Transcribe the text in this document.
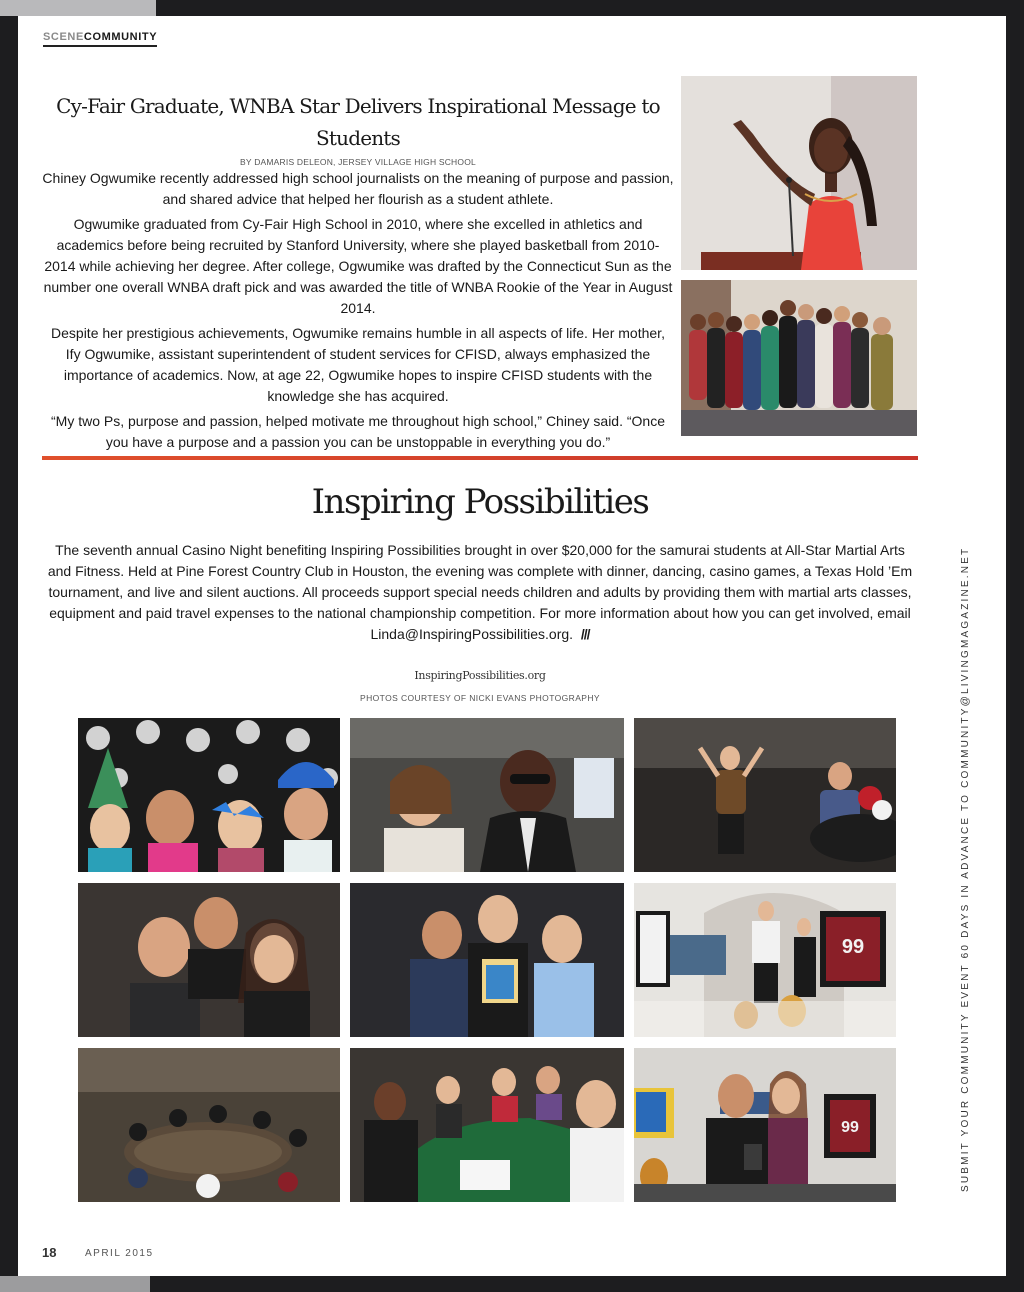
SCENECOMMUNITY
Cy-Fair Graduate, WNBA Star Delivers Inspirational Message to Students
BY DAMARIS DELEON, JERSEY VILLAGE HIGH SCHOOL

Chiney Ogwumike recently addressed high school journalists on the meaning of purpose and passion, and shared advice that helped her flourish as a student athlete.

Ogwumike graduated from Cy-Fair High School in 2010, where she excelled in athletics and academics before being recruited by Stanford University, where she played basketball from 2010-2014 while achieving her degree. After college, Ogwumike was drafted by the Connecticut Sun as the number one overall WNBA draft pick and was awarded the title of WNBA Rookie of the Year in August 2014.

Despite her prestigious achievements, Ogwumike remains humble in all aspects of life. Her mother, Ify Ogwumike, assistant superintendent of student services for CFISD, always emphasized the importance of academics. Now, at age 22, Ogwumike hopes to inspire CFISD students with the knowledge she has acquired.

“My two Ps, purpose and passion, helped motivate me throughout high school,” Chiney said. “Once you have a purpose and a passion you can be unstoppable in everything you do.”

Inspiring Possibilities

The seventh annual Casino Night benefiting Inspiring Possibilities brought in over $20,000 for the samurai students at All-Star Martial Arts and Fitness. Held at Pine Forest Country Club in Houston, the evening was complete with dinner, dancing, casino games, a Texas Hold ’Em tournament, and live and silent auctions. All proceeds support special needs children and adults by providing them with martial arts classes, equipment and paid travel expenses to the national championship competition. For more information about how you can get involved, email Linda@InspiringPossibilities.org. ///

InspiringPossibilities.org
PHOTOS COURTESY OF NICKI EVANS PHOTOGRAPHY
99
99
18	APRIL 2015
SUBMIT YOUR COMMUNITY EVENT 60 DAYS IN ADVANCE TO COMMUNITY@LIVINGMAGAZINE.NET
